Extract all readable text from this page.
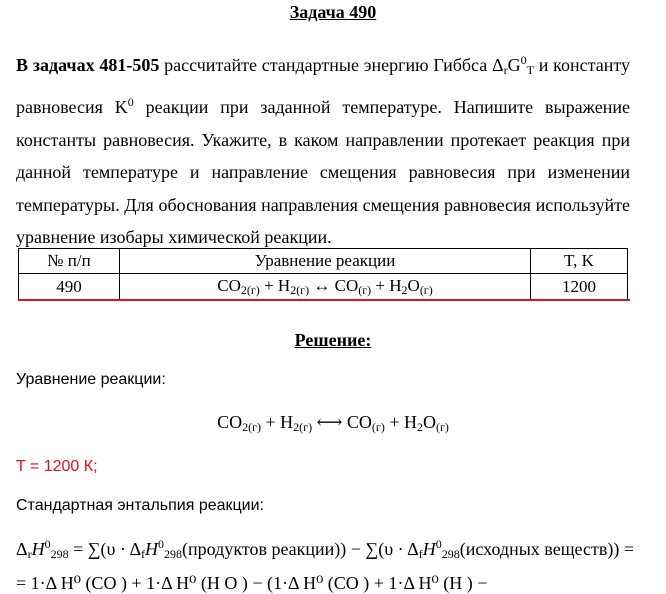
Задача 490
В задачах 481-505 рассчитайте стандартные энергию Гиббса $\Delta_rG^0_T$ и константу равновесия $K^0$ реакции при заданной температуре. Напишите выражение константы равновесия. Укажите, в каком направлении протекает реакция при данной температуре и направление смещения равновесия при изменении температуры. Для обоснования направления смещения равновесия используйте уравнение изобары химической реакции.
№ п/п	Уравнение реакции	T, K
490	$CO_{2(г)} + H_{2(г)}$ ↔ $CO_{(г)} + H_2O_{(г)}$	1200
Решение:
Уравнение реакции:
$CO_{2(г)} + H_{2(г)}$ ⟷ $CO_{(г)} + H_2O_{(г)}$
T = 1200 К;
Стандартная энтальпия реакции:
$\Delta_rH^0_{298} = \sum(\upsilon$ · $\Delta_fH^0_{298}(продуктов$ реакции)) − $\sum(\upsilon \cdot \Delta_fH^0_{298}(исходных$ веществ)) =
= 1·Δ H⁰ (CO ) + 1·Δ H⁰ (H O ) − (1·Δ H⁰ (CO ) + 1·Δ H⁰ (H ) −
